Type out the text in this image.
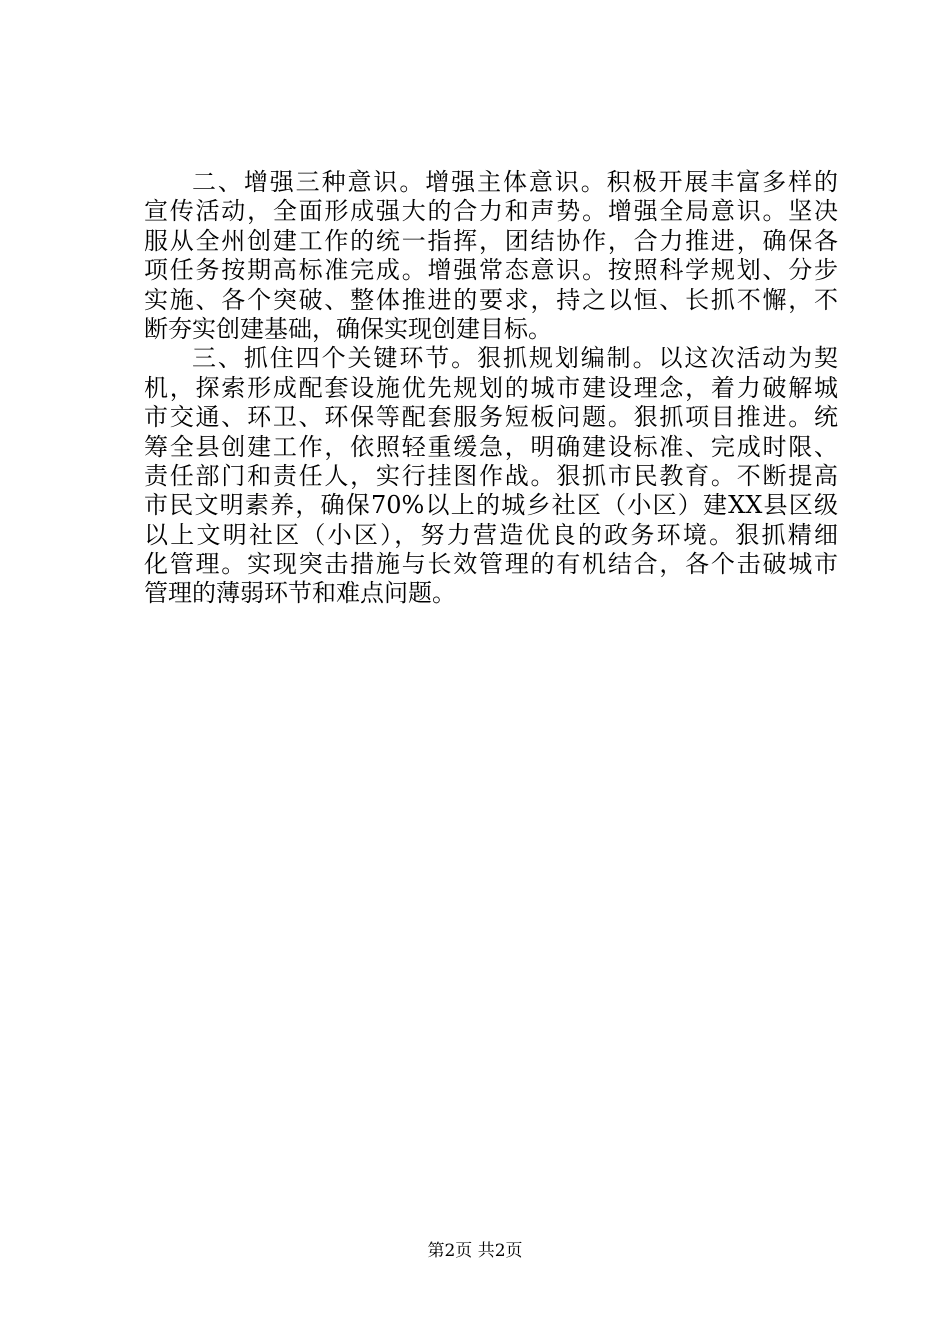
二、增强三种意识。增强主体意识。积极开展丰富多样的
宣传活动，全面形成强大的合力和声势。增强全局意识。坚决
服从全州创建工作的统一指挥，团结协作，合力推进，确保各
项任务按期高标准完成。增强常态意识。按照科学规划、分步
实施、各个突破、整体推进的要求，持之以恒、长抓不懈，不
断夯实创建基础，确保实现创建目标。
三、抓住四个关键环节。狠抓规划编制。以这次活动为契
机，探索形成配套设施优先规划的城市建设理念，着力破解城
市交通、环卫、环保等配套服务短板问题。狠抓项目推进。统
筹全县创建工作，依照轻重缓急，明确建设标准、完成时限、
责任部门和责任人，实行挂图作战。狠抓市民教育。不断提高
市民文明素养，确保70%以上的城乡社区（小区）建XX县区级
以上文明社区（小区），努力营造优良的政务环境。狠抓精细
化管理。实现突击措施与长效管理的有机结合，各个击破城市
管理的薄弱环节和难点问题。
第2页 共2页
